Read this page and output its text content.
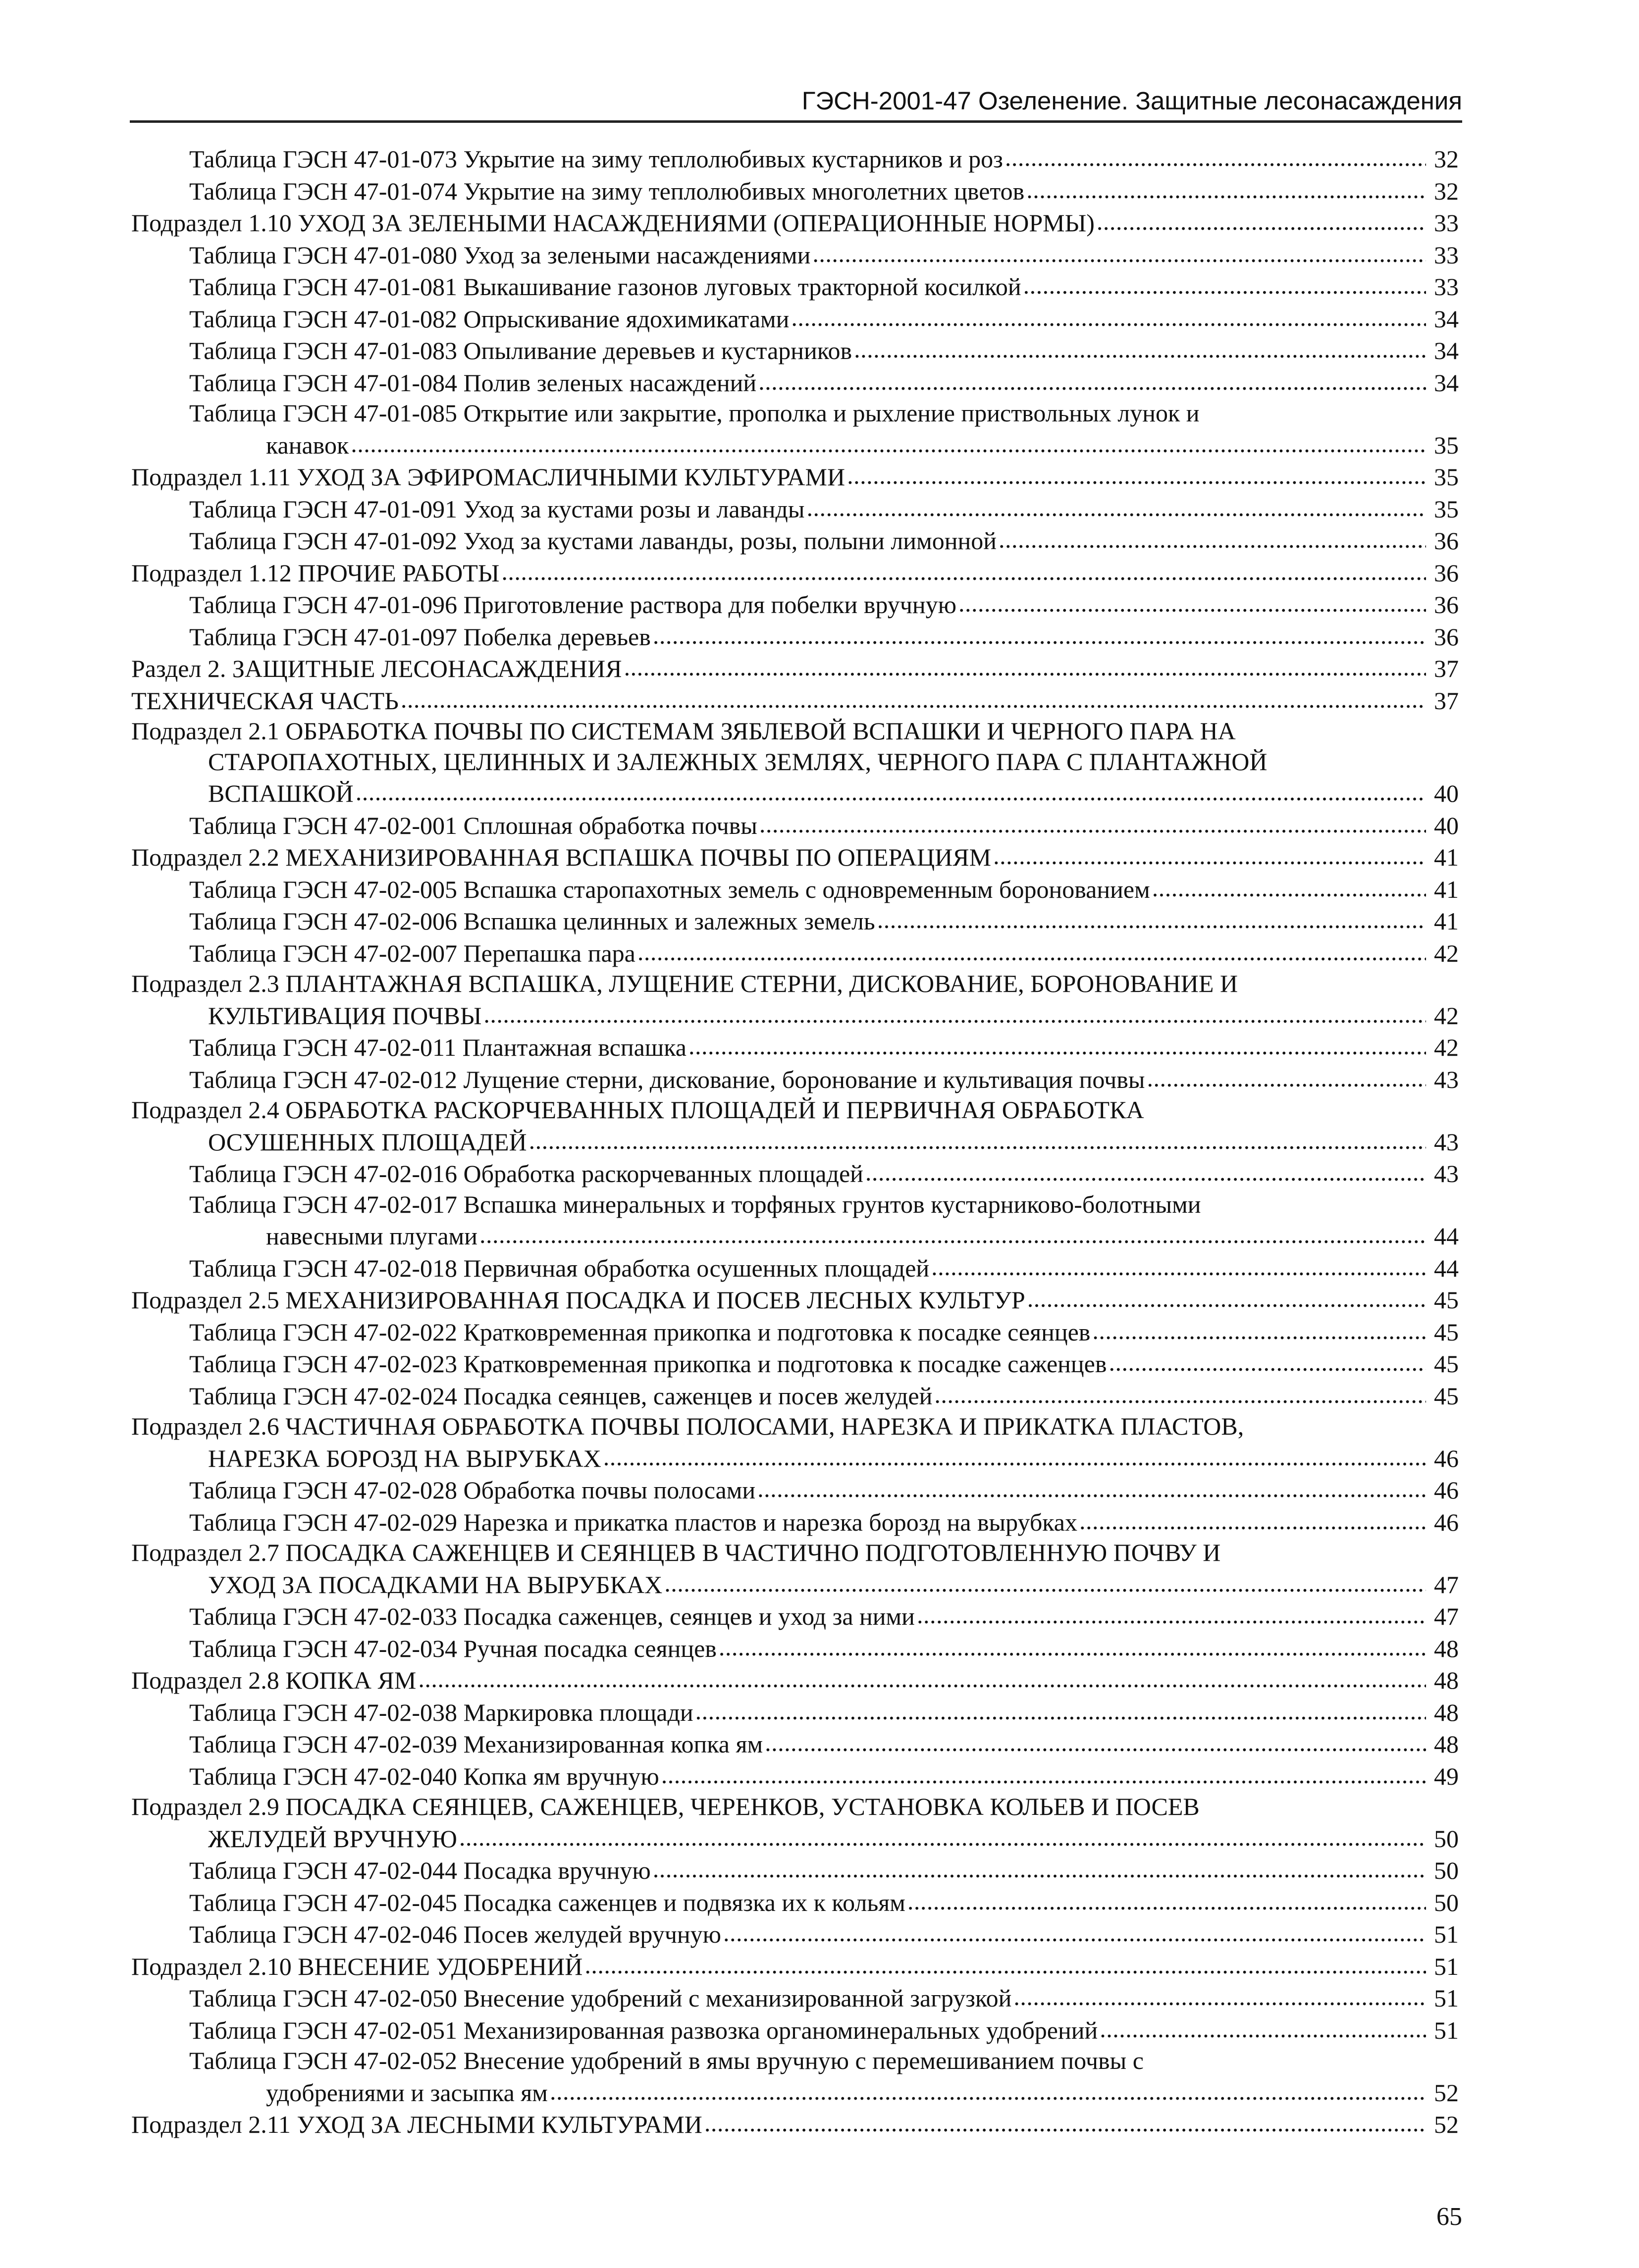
ГЭСН-2001-47 Озеленение. Защитные лесонасаждения
Таблица ГЭСН 47-01-073 Укрытие на зиму теплолюбивых кустарников и роз . . .	32
Таблица ГЭСН 47-01-074 Укрытие на зиму теплолюбивых многолетних цветов . . .	32
Подраздел 1.10 УХОД ЗА ЗЕЛЕНЫМИ НАСАЖДЕНИЯМИ (ОПЕРАЦИОННЫЕ НОРМЫ) . . .	33
Таблица ГЭСН 47-01-080 Уход за зелеными насаждениями . . .	33
Таблица ГЭСН 47-01-081 Выкашивание газонов луговых тракторной косилкой . . .	33
Таблица ГЭСН 47-01-082 Опрыскивание ядохимикатами . . .	34
Таблица ГЭСН 47-01-083 Опыливание деревьев и кустарников . . .	34
Таблица ГЭСН 47-01-084 Полив зеленых насаждений . . .	34
Таблица ГЭСН 47-01-085 Открытие или закрытие, прополка и рыхление приствольных лунок и
канавок . . .	35
Подраздел 1.11 УХОД ЗА ЭФИРОМАСЛИЧНЫМИ КУЛЬТУРАМИ . . .	35
Таблица ГЭСН 47-01-091 Уход за кустами розы и лаванды . . .	35
Таблица ГЭСН 47-01-092 Уход за кустами лаванды, розы, полыни лимонной . . .	36
Подраздел 1.12 ПРОЧИЕ РАБОТЫ . . .	36
Таблица ГЭСН 47-01-096 Приготовление раствора для побелки вручную . . .	36
Таблица ГЭСН 47-01-097 Побелка деревьев . . .	36
Раздел 2. ЗАЩИТНЫЕ ЛЕСОНАСАЖДЕНИЯ . . .	37
ТЕХНИЧЕСКАЯ ЧАСТЬ . . .	37
Подраздел 2.1 ОБРАБОТКА ПОЧВЫ ПО СИСТЕМАМ ЗЯБЛЕВОЙ ВСПАШКИ И ЧЕРНОГО ПАРА НА
СТАРОПАХОТНЫХ, ЦЕЛИННЫХ И ЗАЛЕЖНЫХ ЗЕМЛЯХ, ЧЕРНОГО ПАРА С ПЛАНТАЖНОЙ
ВСПАШКОЙ . . .	40
Таблица ГЭСН 47-02-001 Сплошная обработка почвы . . .	40
Подраздел 2.2 МЕХАНИЗИРОВАННАЯ ВСПАШКА ПОЧВЫ ПО ОПЕРАЦИЯМ . . .	41
Таблица ГЭСН 47-02-005 Вспашка старопахотных земель с одновременным боронованием . . .	41
Таблица ГЭСН 47-02-006 Вспашка целинных и залежных земель . . .	41
Таблица ГЭСН 47-02-007 Перепашка пара . . .	42
Подраздел 2.3 ПЛАНТАЖНАЯ ВСПАШКА, ЛУЩЕНИЕ СТЕРНИ, ДИСКОВАНИЕ, БОРОНОВАНИЕ И
КУЛЬТИВАЦИЯ ПОЧВЫ . . .	42
Таблица ГЭСН 47-02-011 Плантажная вспашка . . .	42
Таблица ГЭСН 47-02-012 Лущение стерни, дискование, боронование и культивация почвы . . .	43
Подраздел 2.4 ОБРАБОТКА РАСКОРЧЕВАННЫХ ПЛОЩАДЕЙ И ПЕРВИЧНАЯ ОБРАБОТКА
ОСУШЕННЫХ ПЛОЩАДЕЙ . . .	43
Таблица ГЭСН 47-02-016 Обработка раскорчеванных площадей . . .	43
Таблица ГЭСН 47-02-017 Вспашка минеральных и торфяных грунтов кустарниково-болотными
навесными плугами . . .	44
Таблица ГЭСН 47-02-018 Первичная обработка осушенных площадей . . .	44
Подраздел 2.5 МЕХАНИЗИРОВАННАЯ ПОСАДКА И ПОСЕВ ЛЕСНЫХ КУЛЬТУР . . .	45
Таблица ГЭСН 47-02-022 Кратковременная прикопка и подготовка к посадке сеянцев . . .	45
Таблица ГЭСН 47-02-023 Кратковременная прикопка и подготовка к посадке саженцев . . .	45
Таблица ГЭСН 47-02-024 Посадка сеянцев, саженцев и посев желудей . . .	45
Подраздел 2.6 ЧАСТИЧНАЯ ОБРАБОТКА ПОЧВЫ ПОЛОСАМИ, НАРЕЗКА И ПРИКАТКА ПЛАСТОВ,
НАРЕЗКА БОРОЗД НА ВЫРУБКАХ . . .	46
Таблица ГЭСН 47-02-028 Обработка почвы полосами . . .	46
Таблица ГЭСН 47-02-029 Нарезка и прикатка пластов и нарезка борозд на вырубках . . .	46
Подраздел 2.7 ПОСАДКА САЖЕНЦЕВ И СЕЯНЦЕВ В ЧАСТИЧНО ПОДГОТОВЛЕННУЮ ПОЧВУ И
УХОД ЗА ПОСАДКАМИ НА ВЫРУБКАХ . . .	47
Таблица ГЭСН 47-02-033 Посадка саженцев, сеянцев и уход за ними . . .	47
Таблица ГЭСН 47-02-034 Ручная посадка сеянцев . . .	48
Подраздел 2.8 КОПКА ЯМ . . .	48
Таблица ГЭСН 47-02-038 Маркировка площади . . .	48
Таблица ГЭСН 47-02-039 Механизированная копка ям . . .	48
Таблица ГЭСН 47-02-040 Копка ям вручную . . .	49
Подраздел 2.9 ПОСАДКА СЕЯНЦЕВ, САЖЕНЦЕВ, ЧЕРЕНКОВ, УСТАНОВКА КОЛЬЕВ И ПОСЕВ
ЖЕЛУДЕЙ ВРУЧНУЮ . . .	50
Таблица ГЭСН 47-02-044 Посадка вручную . . .	50
Таблица ГЭСН 47-02-045 Посадка саженцев и подвязка их к кольям . . .	50
Таблица ГЭСН 47-02-046 Посев желудей вручную . . .	51
Подраздел 2.10 ВНЕСЕНИЕ УДОБРЕНИЙ . . .	51
Таблица ГЭСН 47-02-050 Внесение удобрений с механизированной загрузкой . . .	51
Таблица ГЭСН 47-02-051 Механизированная развозка органоминеральных удобрений . . .	51
Таблица ГЭСН 47-02-052 Внесение удобрений в ямы вручную с перемешиванием почвы с
удобрениями и засыпка ям . . .	52
Подраздел 2.11 УХОД ЗА ЛЕСНЫМИ КУЛЬТУРАМИ . . .	52
65
